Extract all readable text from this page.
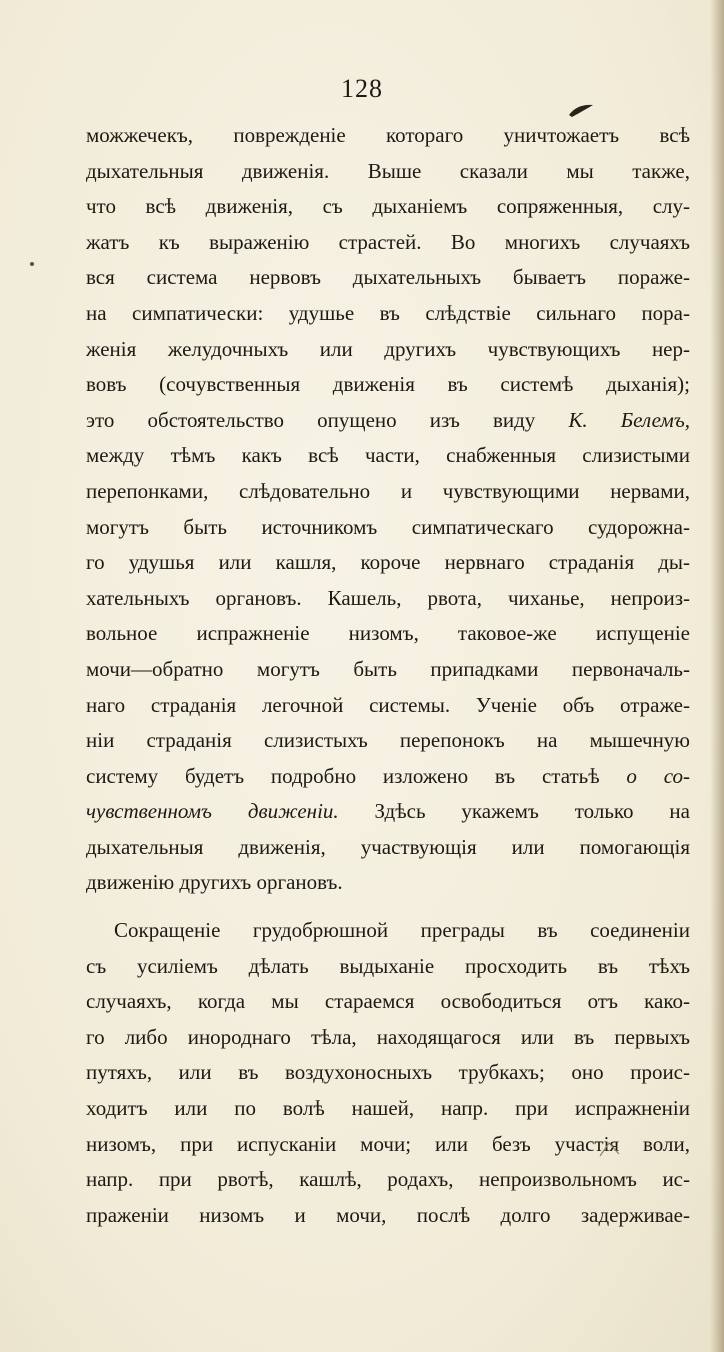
128
можжечекъ, поврежденіе котораго уничтожаетъ всѣ
дыхательныя движенія. Выше сказали мы также,
что всѣ движенія, съ дыханіемъ сопряженныя, слу-
жатъ къ выраженію страстей. Во многихъ случаяхъ
вся система нервовъ дыхательныхъ бываетъ пораже-
на симпатически: удушье въ слѣдствіе сильнаго пора-
женія желудочныхъ или другихъ чувствующихъ нер-
вовъ (сочувственныя движенія въ системѣ дыханія);
это обстоятельство опущено изъ виду К. Белемъ,
между тѣмъ какъ всѣ части, снабженныя слизистыми
перепонками, слѣдовательно и чувствующими нервами,
могутъ быть источникомъ симпатическаго судорожна-
го удушья или кашля, короче нервнаго страданія ды-
хательныхъ органовъ. Кашель, рвота, чиханье, непроиз-
вольное испражненіе низомъ, таковое-же испущеніе
мочи—обратно могутъ быть припадками первоначаль-
наго страданія легочной системы. Ученіе объ отраже-
ніи страданія слизистыхъ перепонокъ на мышечную
систему будетъ подробно изложено въ статьѣ о со-
чувственномъ движеніи. Здѣсь укажемъ только на
дыхательныя движенія, участвующія или помогающія
движенію другихъ органовъ.
Сокращеніе грудобрюшной преграды въ соединеніи
съ усиліемъ дѣлать выдыханіе просходить въ тѣхъ
случаяхъ, когда мы стараемся освободиться отъ како-
го либо инороднаго тѣла, находящагося или въ первыхъ
путяхъ, или въ воздухоносныхъ трубкахъ; оно проис-
ходитъ или по волѣ нашей, напр. при испражненіи
низомъ, при испусканіи мочи; или безъ участія воли,
напр. при рвотѣ, кашлѣ, родахъ, непроизвольномъ ис-
праженіи низомъ и мочи, послѣ долго задерживае-
